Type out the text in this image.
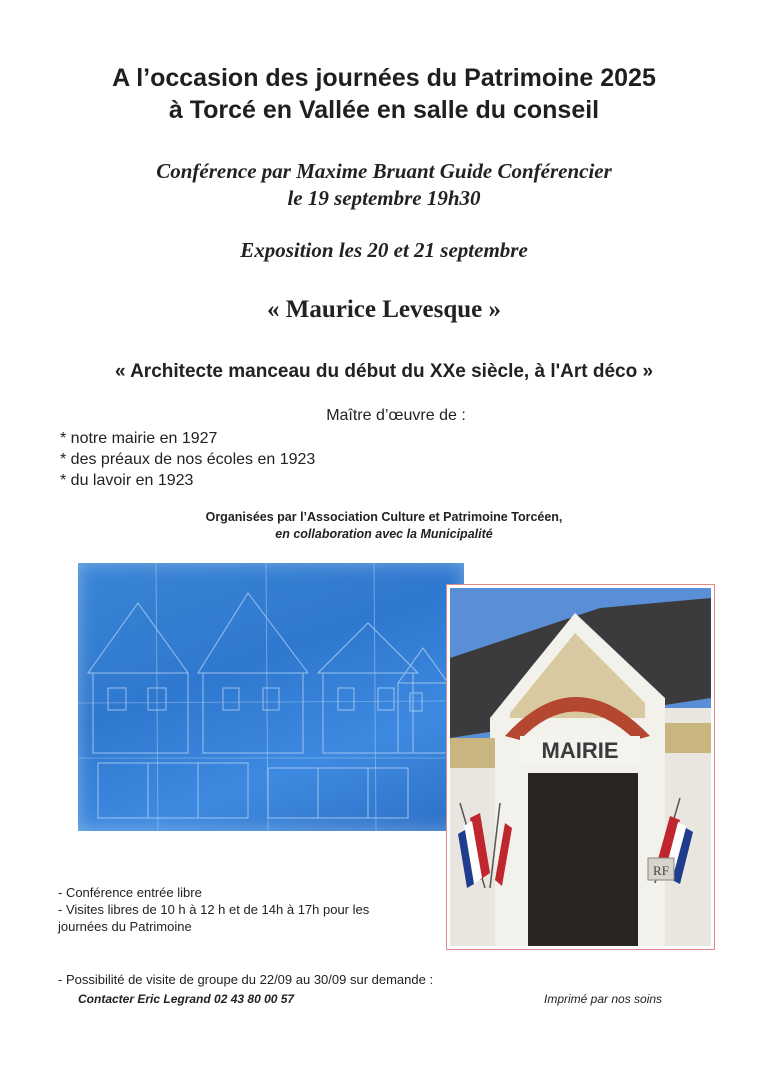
A l’occasion des journées du Patrimoine 2025
à Torcé en Vallée en salle du conseil
Conférence par Maxime Bruant Guide Conférencier
le 19 septembre 19h30
Exposition les 20 et 21 septembre
« Maurice Levesque »
« Architecte manceau du début du XXe siècle, à l'Art déco »
Maître d’œuvre de :
* notre mairie en 1927
* des préaux de nos écoles en 1923
* du lavoir en 1923
Organisées par l’Association Culture et Patrimoine Torcéen,
en collaboration avec la Municipalité
MAIRIE
RF
- Conférence entrée libre
- Visites libres de 10 h à 12 h et de 14h à 17h pour les
journées du Patrimoine
- Possibilité de visite de groupe du 22/09 au 30/09 sur demande :
Contacter Eric Legrand 02 43 80 00 57	Imprimé par nos soins
